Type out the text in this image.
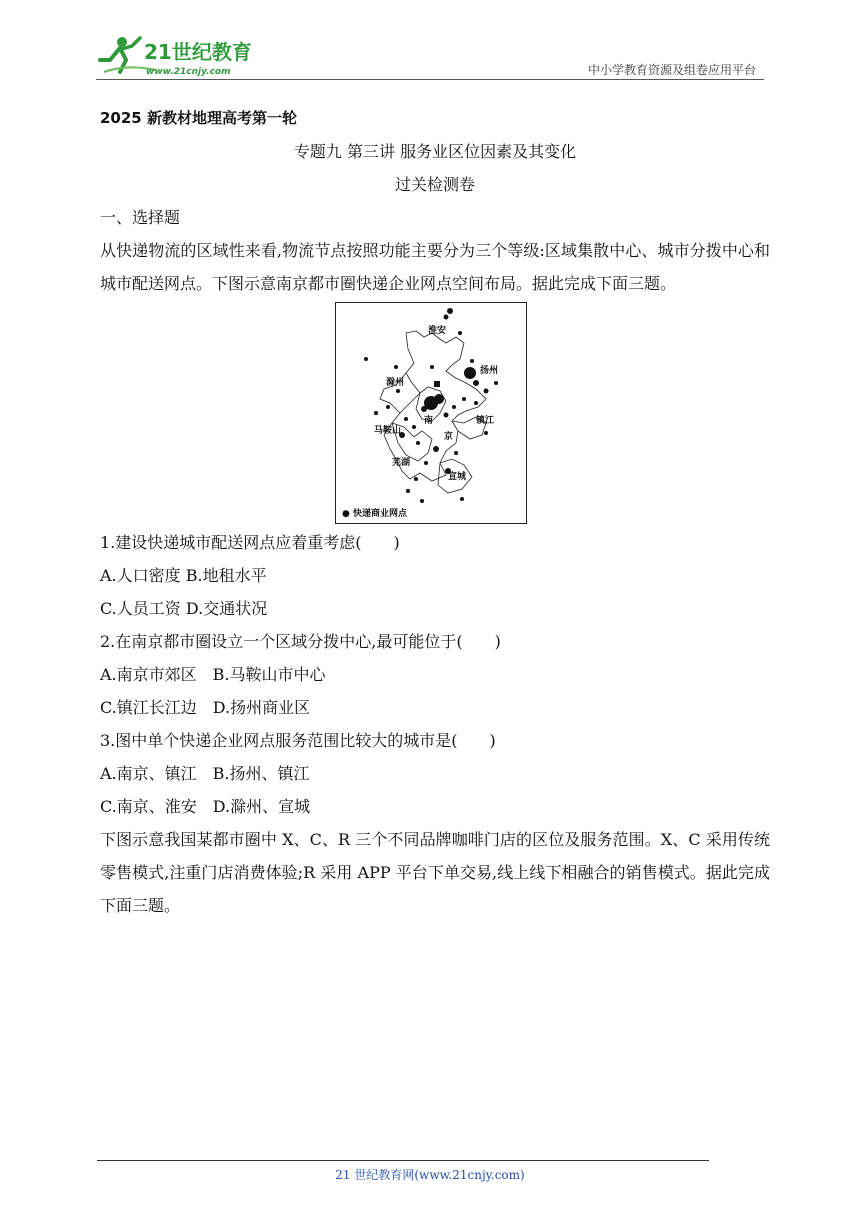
21世纪教育
www.21cnjy.com	中小学教育资源及组卷应用平台
2025 新教材地理高考第一轮
专题九 第三讲 服务业区位因素及其变化
过关检测卷
一、选择题
从快递物流的区域性来看,物流节点按照功能主要分为三个等级:区域集散中心、城市分拨中心和城市配送网点。下图示意南京都市圈快递企业网点空间布局。据此完成下面三题。
淮安
扬州
滁州
南
京
镇江
马鞍山
芜湖
宣城
● 快递商业网点
1.建设快递城市配送网点应着重考虑(　　)
A.人口密度 B.地租水平
C.人员工资 D.交通状况
2.在南京都市圈设立一个区域分拨中心,最可能位于(　　)
A.南京市郊区　B.马鞍山市中心
C.镇江长江边　D.扬州商业区
3.图中单个快递企业网点服务范围比较大的城市是(　　)
A.南京、镇江　B.扬州、镇江
C.南京、淮安　D.滁州、宣城
下图示意我国某都市圈中 X、C、R 三个不同品牌咖啡门店的区位及服务范围。X、C 采用传统零售模式,注重门店消费体验;R 采用 APP 平台下单交易,线上线下相融合的销售模式。据此完成下面三题。
21 世纪教育网(www.21cnjy.com)
